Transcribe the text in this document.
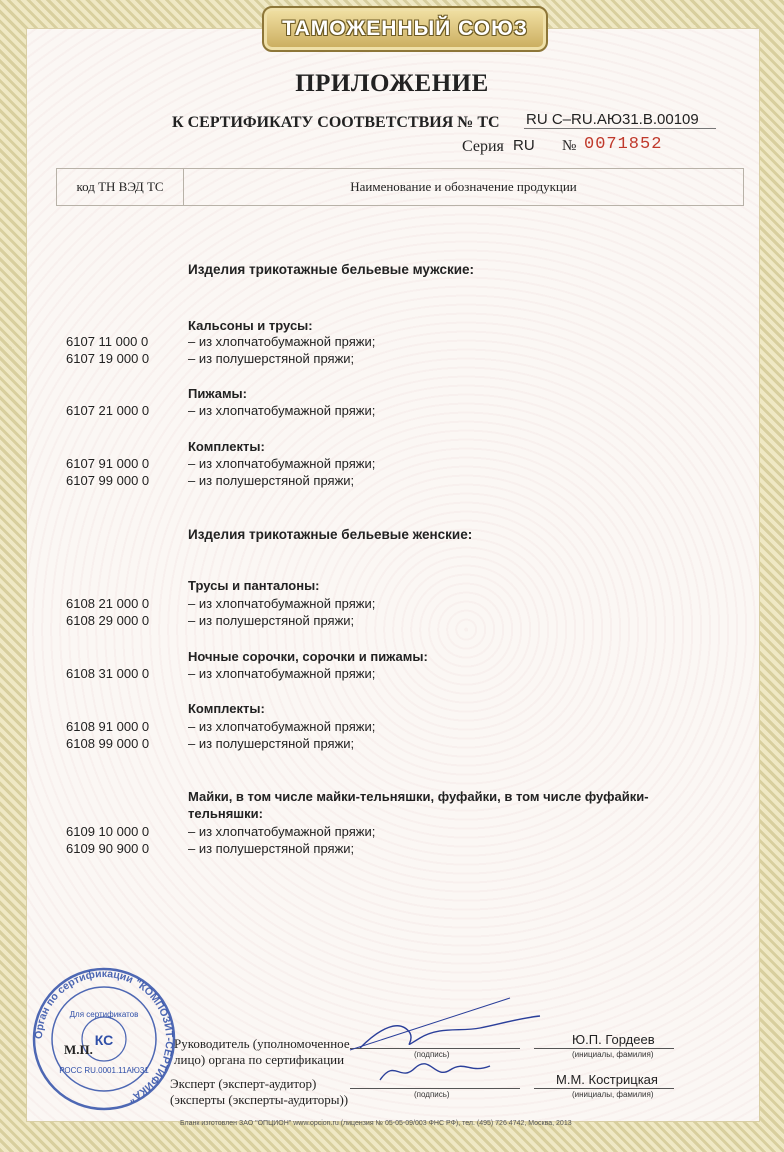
ТАМОЖЕННЫЙ СОЮЗ
ПРИЛОЖЕНИЕ
К СЕРТИФИКАТУ СООТВЕТСТВИЯ № ТС RU C–RU.АЮ31.В.00109
Серия RU № 0071852
код ТН ВЭД ТС	Наименование и обозначение продукции
Изделия трикотажные бельевые мужские:
Кальсоны и трусы:
6107 11 000 0	– из хлопчатобумажной пряжи;
6107 19 000 0	– из полушерстяной пряжи;
Пижамы:
6107 21 000 0	– из хлопчатобумажной пряжи;
Комплекты:
6107 91 000 0	– из хлопчатобумажной пряжи;
6107 99 000 0	– из полушерстяной пряжи;
Изделия трикотажные бельевые женские:
Трусы и панталоны:
6108 21 000 0	– из хлопчатобумажной пряжи;
6108 29 000 0	– из полушерстяной пряжи;
Ночные сорочки, сорочки и пижамы:
6108 31 000 0	– из хлопчатобумажной пряжи;
Комплекты:
6108 91 000 0	– из хлопчатобумажной пряжи;
6108 99 000 0	– из полушерстяной пряжи;
Майки, в том числе майки-тельняшки, фуфайки, в том числе фуфайки-
тельняшки:
6109 10 000 0	– из хлопчатобумажной пряжи;
6109 90 900 0	– из полушерстяной пряжи;
Орган по сертификации "КОМПОЗИТ-СЕРТИФИКА"
Для сертификатов
РОСС RU.0001.11АЮ31
КС
М.П.	Руководитель (уполномоченное
лицо) органа по сертификации	(подпись)
Ю.П. Гордеев
(инициалы, фамилия)
Эксперт (эксперт-аудитор)
(эксперты (эксперты-аудиторы))	(подпись)
М.М. Кострицкая
(инициалы, фамилия)
Бланк изготовлен ЗАО "ОПЦИОН" www.opcion.ru (лицензия № 05-05-09/003 ФНС РФ), тел. (495) 726 4742, Москва, 2013
